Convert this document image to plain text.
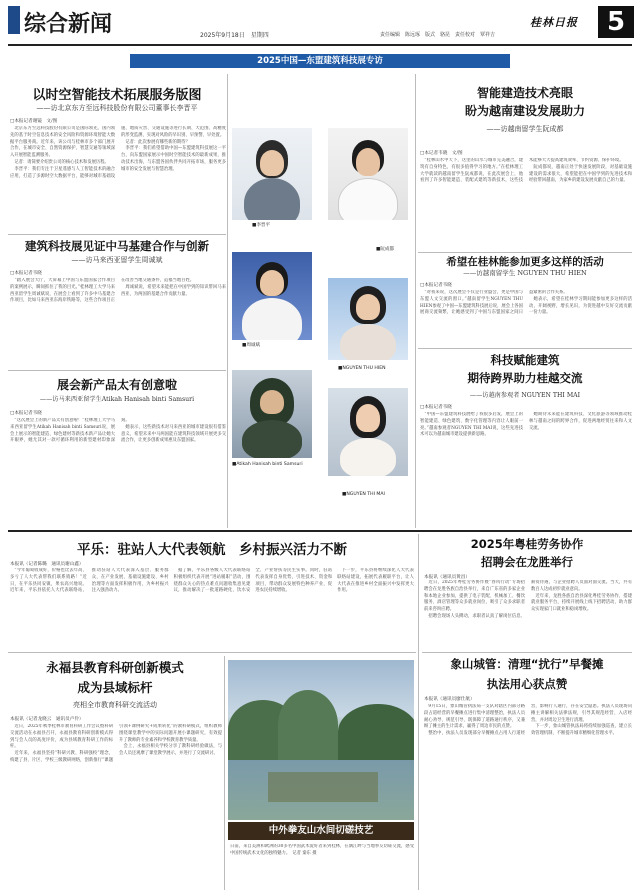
综合新闻	2025年9月18日　星期四
桂林日报	5
责任编辑　陈远琢　版式　骆昆　责任校对　覃祥吉
2025中国—东盟建筑科技展专访
以时空智能技术拓展服务版图
——访北京东方至远科技股份有限公司董事长李晋平
□本报记者谢镜　文/图
　北京东方至远科技股份有限公司是国际领先、国内领先的基于时空信息技术的安全风险和资源环境智能大数据平台服务商。近年来，该公司与桂林市多个部门展开合作，在城市安全、自然资源保护、智慧交通等领域深入开展智能监测服务。
　记者：请简要介绍贵公司的核心技术和发展历程。
　李晋平：我们专注于卫星遥感与人工智能技术的融合应用，打造了多源时空大数据平台，能够对城市基础设施、地质灾害、交通设施等进行长期、大范围、高精度的形变监测，实现对风险的早识别、早预警、早处置。
　记者：此次参展有哪些新的期待？
　李晋平：我们希望借助中国—东盟建筑科技展这一平台，向东盟国家展示中国时空智能技术的最新成果，推动技术出海，与东盟各国伙伴共同开拓市场，服务更多城市的安全发展与智慧治理。
建筑科技展见证中马基建合作与创新
——访马来西亚留学生周诚斌
□本报记者韦晓
　“踏入展会大厅，大屏幕上中国与东盟国家合作项目的案例展示，瞬间抓住了我的目光。”桂林理工大学马来西亚留学生周诚斌说，在展会上看到了许多中马基建合作项目，比如马来西亚东海岸铁路等，这些合作项目正在改善当地交通条件，造福当地百姓。
　周诚斌说，希望未来能把在中国学到的知识带回马来西亚，为两国的基建合作贡献力量。
展会新产品太有创意啦
——访马来西亚留学生Atikah Hanisah binti Samsuri
□本报记者韦晓
　“这次展会上的新产品太有创意啦！”桂林理工大学马来西亚留学生Atikah Hanisah binti Samsuri说，展会上展示的智能建造、绿色建材等新技术新产品让她大开眼界，她尤其对一款可循环利用的新型建材印象深刻。
　她表示，这些新技术对马来西亚的城市建设很有借鉴意义，希望未来中马两国能在建筑科技领域开展更多交流合作，让更多创新成果惠及东盟国家。
■李晋平
■阮成都
■周诚斌
■NGUYEN THU HIEN
■Atikah Hanisah binti Samsuri
■NGUYEN THI MAI
智能建造技术亮眼
盼为越南建设发展助力
——访越南留学生阮成都
□本记者韦晓　文/图
　“桂林山水甲天下，这里的山水与城市完美融合，建筑有自身特色，有很多值得学习的地方。”在桂林理工大学就读的越南留学生阮成都说，在此次展会上，他看到了许多智能建造、装配式建筑等新技术，这些技术能够大大提高建筑效率、节约资源、保护环境。
　阮成都说，越南正处于快速发展阶段，对基础设施建设的需求很大，希望能把在中国学到的先进技术和经验带回越南，为家乡的建设发展贡献自己的力量。
希望在桂林能参加更多这样的活动
——访越南留学生 NGUYEN THU HIEN
□本报记者韦晓
　“对我来说，这次展会不仅是行业盛会，更是中国与东盟人文交流的窗口。”越南留学生NGUYEN THU HIEN参观了中国—东盟建筑科技展后说，展会上各国展商交流频繁，让她感受到了中国与东盟国家之间日益紧密的合作关系。
　她表示，希望在桂林学习期间能参加更多这样的活动，开阔视野，增长见识，为促进越中友好交流贡献一份力量。
科技赋能建筑
期待跨界助力桂越交流
——访越南参观者 NGUYEN THI MAI
□本报记者韦晓
　“中国—东盟建筑科技展给了我很多启发，展会上的智能建造、绿色建筑、数字化管理等内容让人眼前一亮。”越南参观者NGUYEN THI MAI说，这些先进技术可以为越南城市建设提供新思路。
　她期待未来能在建筑科技、文化旅游等领域推动桂林与越南之间的跨界合作，促进两地经贸往来和人文交流。
平乐：驻站人大代表领航　乡村振兴活力不断
本报讯（记者陈璐　通讯员谢山鑫）
　“今年葡萄收成好，价格也比去年高，多亏了人大代表帮我们联系销路！”近日，在平乐县同安镇，果农高兴地说。近年来，平乐县依托人大代表联络站，推动驻站人大代表深入基层、服务群众，在产业发展、基础设施建设、乡村治理等方面发挥积极作用，为乡村振兴注入强劲动力。
　据了解，平乐县各级人大代表联络站积极组织代表开展“进站履职”活动，围绕群众关心的热点难点问题收集意见建议，推动解决了一批道路硬化、饮水安全、产业帮扶等民生实事。同时，驻站代表发挥自身优势，引进技术、资金和项目，带动群众发展特色种养产业，促进农民持续增收。
　下一步，平乐县将继续深化人大代表联络站建设，拓展代表履职平台，让人大代表在推进乡村全面振兴中发挥更大作用。
永福县教育科研创新模式
成为县域标杆
亮相全市教育科研交流活动
本报讯（记者龙晓云　通讯员卢伶）
　近日，2025年秋季桂林市教育科研工作会议暨科研交流活动在永福县召开，永福县教育科研创新模式得到与会人员的高度评价，成为县域教育科研工作的标杆。
　近年来，永福县坚持“科研兴教、科研强校”理念，构建了县、片区、学校三级教研网络，创新推行“课题引领+课例研究+成果转化”的教科研模式，组织教师围绕课堂教学中的实际问题开展小课题研究，有效提升了教师的专业素养和学校教育教学质量。
　会上，永福县相关学校分享了教科研经验做法，与会人员还观摩了课堂教学展示，并进行了交流研讨。
中外拳友山水间切磋技艺
日前，来自美洲和欧洲的30多名中国武术爱好者来到桂林，在漓江畔与当地拳友切磋交流，感受中国传统武术文化的独特魅力。　记者 秦东 摄
2025年粤桂劳务协作
招聘会在龙胜举行
本报讯（通讯员黄昌）
　近日，2025年粤桂劳务协作暨“春风行动”专场招聘会在龙胜各族自治县举行，来自广东省的多家企业和本地企业参加，提供了电子装配、机械加工、餐饮服务、酒店管理等众多就业岗位，吸引了众多求职者前来咨询应聘。
　招聘会现场人头攒动，求职者认真了解岗位信息、薪资待遇，与企业招聘人员面对面交流。当天，共有数百人达成初步就业意向。
　近年来，龙胜各族自治县深化粤桂劳务协作，搭建就业服务平台，持续开展线上线下招聘活动，助力群众实现家门口就业和稳岗增收。
象山城管：清理“扰行”早餐摊
执法用心获点赞
本报讯（通讯员廖仕航）
　9月15日，象山城管执法局一支队对辖区内部分路段占道经营的早餐摊点进行集中清理整治，执法人员耐心劝导、规范引导，既保障了道路通行秩序，又兼顾了摊主的生计需求，赢得了周边市民的点赞。
　整治中，执法人员发现部分早餐摊点占用人行道经营，影响行人通行，存在安全隐患。执法人员现场向摊主讲解相关法律法规，引导其规范经营、入店经营，并对周边卫生进行清理。
　下一步，象山城管执法局将持续加强巡查，建立长效管理机制，不断提升城市精细化管理水平。
